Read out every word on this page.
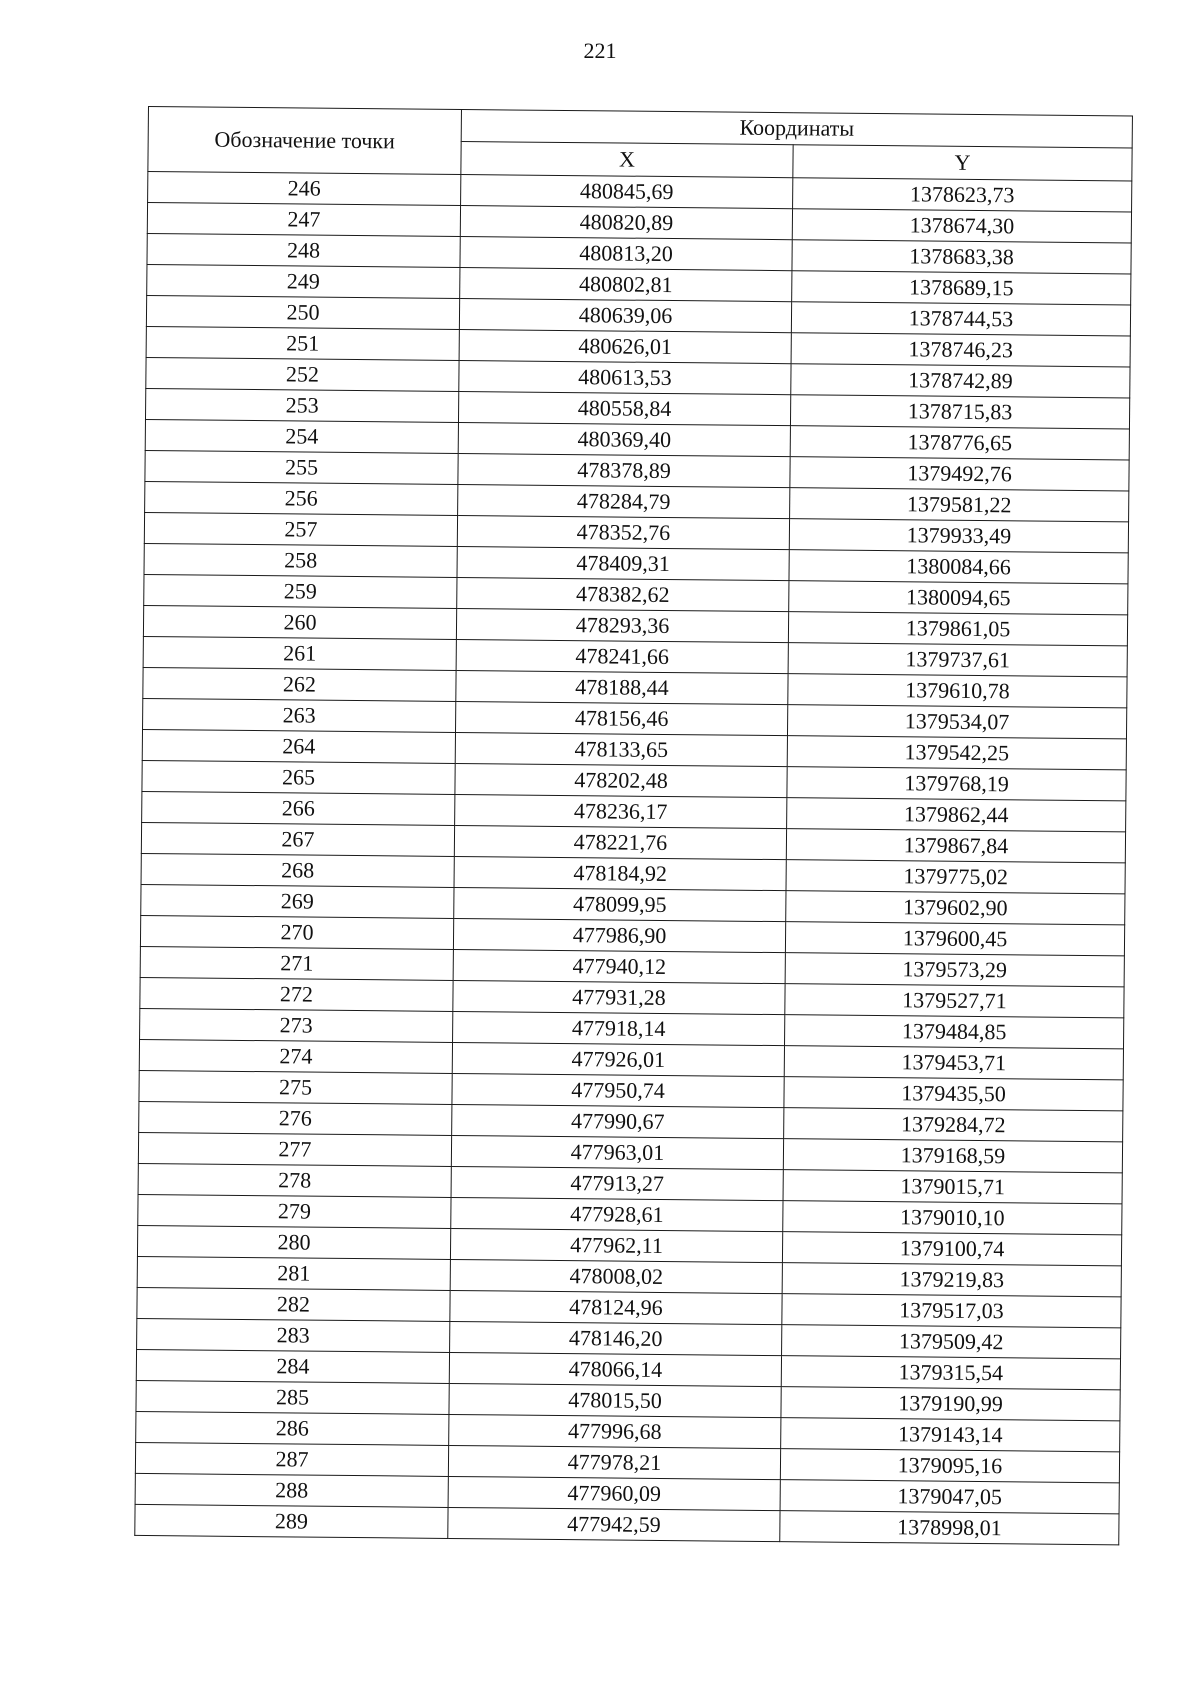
221
Обозначение точки	Координаты	
	X	Y
246	480845,69	1378623,73
247	480820,89	1378674,30
248	480813,20	1378683,38
249	480802,81	1378689,15
250	480639,06	1378744,53
251	480626,01	1378746,23
252	480613,53	1378742,89
253	480558,84	1378715,83
254	480369,40	1378776,65
255	478378,89	1379492,76
256	478284,79	1379581,22
257	478352,76	1379933,49
258	478409,31	1380084,66
259	478382,62	1380094,65
260	478293,36	1379861,05
261	478241,66	1379737,61
262	478188,44	1379610,78
263	478156,46	1379534,07
264	478133,65	1379542,25
265	478202,48	1379768,19
266	478236,17	1379862,44
267	478221,76	1379867,84
268	478184,92	1379775,02
269	478099,95	1379602,90
270	477986,90	1379600,45
271	477940,12	1379573,29
272	477931,28	1379527,71
273	477918,14	1379484,85
274	477926,01	1379453,71
275	477950,74	1379435,50
276	477990,67	1379284,72
277	477963,01	1379168,59
278	477913,27	1379015,71
279	477928,61	1379010,10
280	477962,11	1379100,74
281	478008,02	1379219,83
282	478124,96	1379517,03
283	478146,20	1379509,42
284	478066,14	1379315,54
285	478015,50	1379190,99
286	477996,68	1379143,14
287	477978,21	1379095,16
288	477960,09	1379047,05
289	477942,59	1378998,01
